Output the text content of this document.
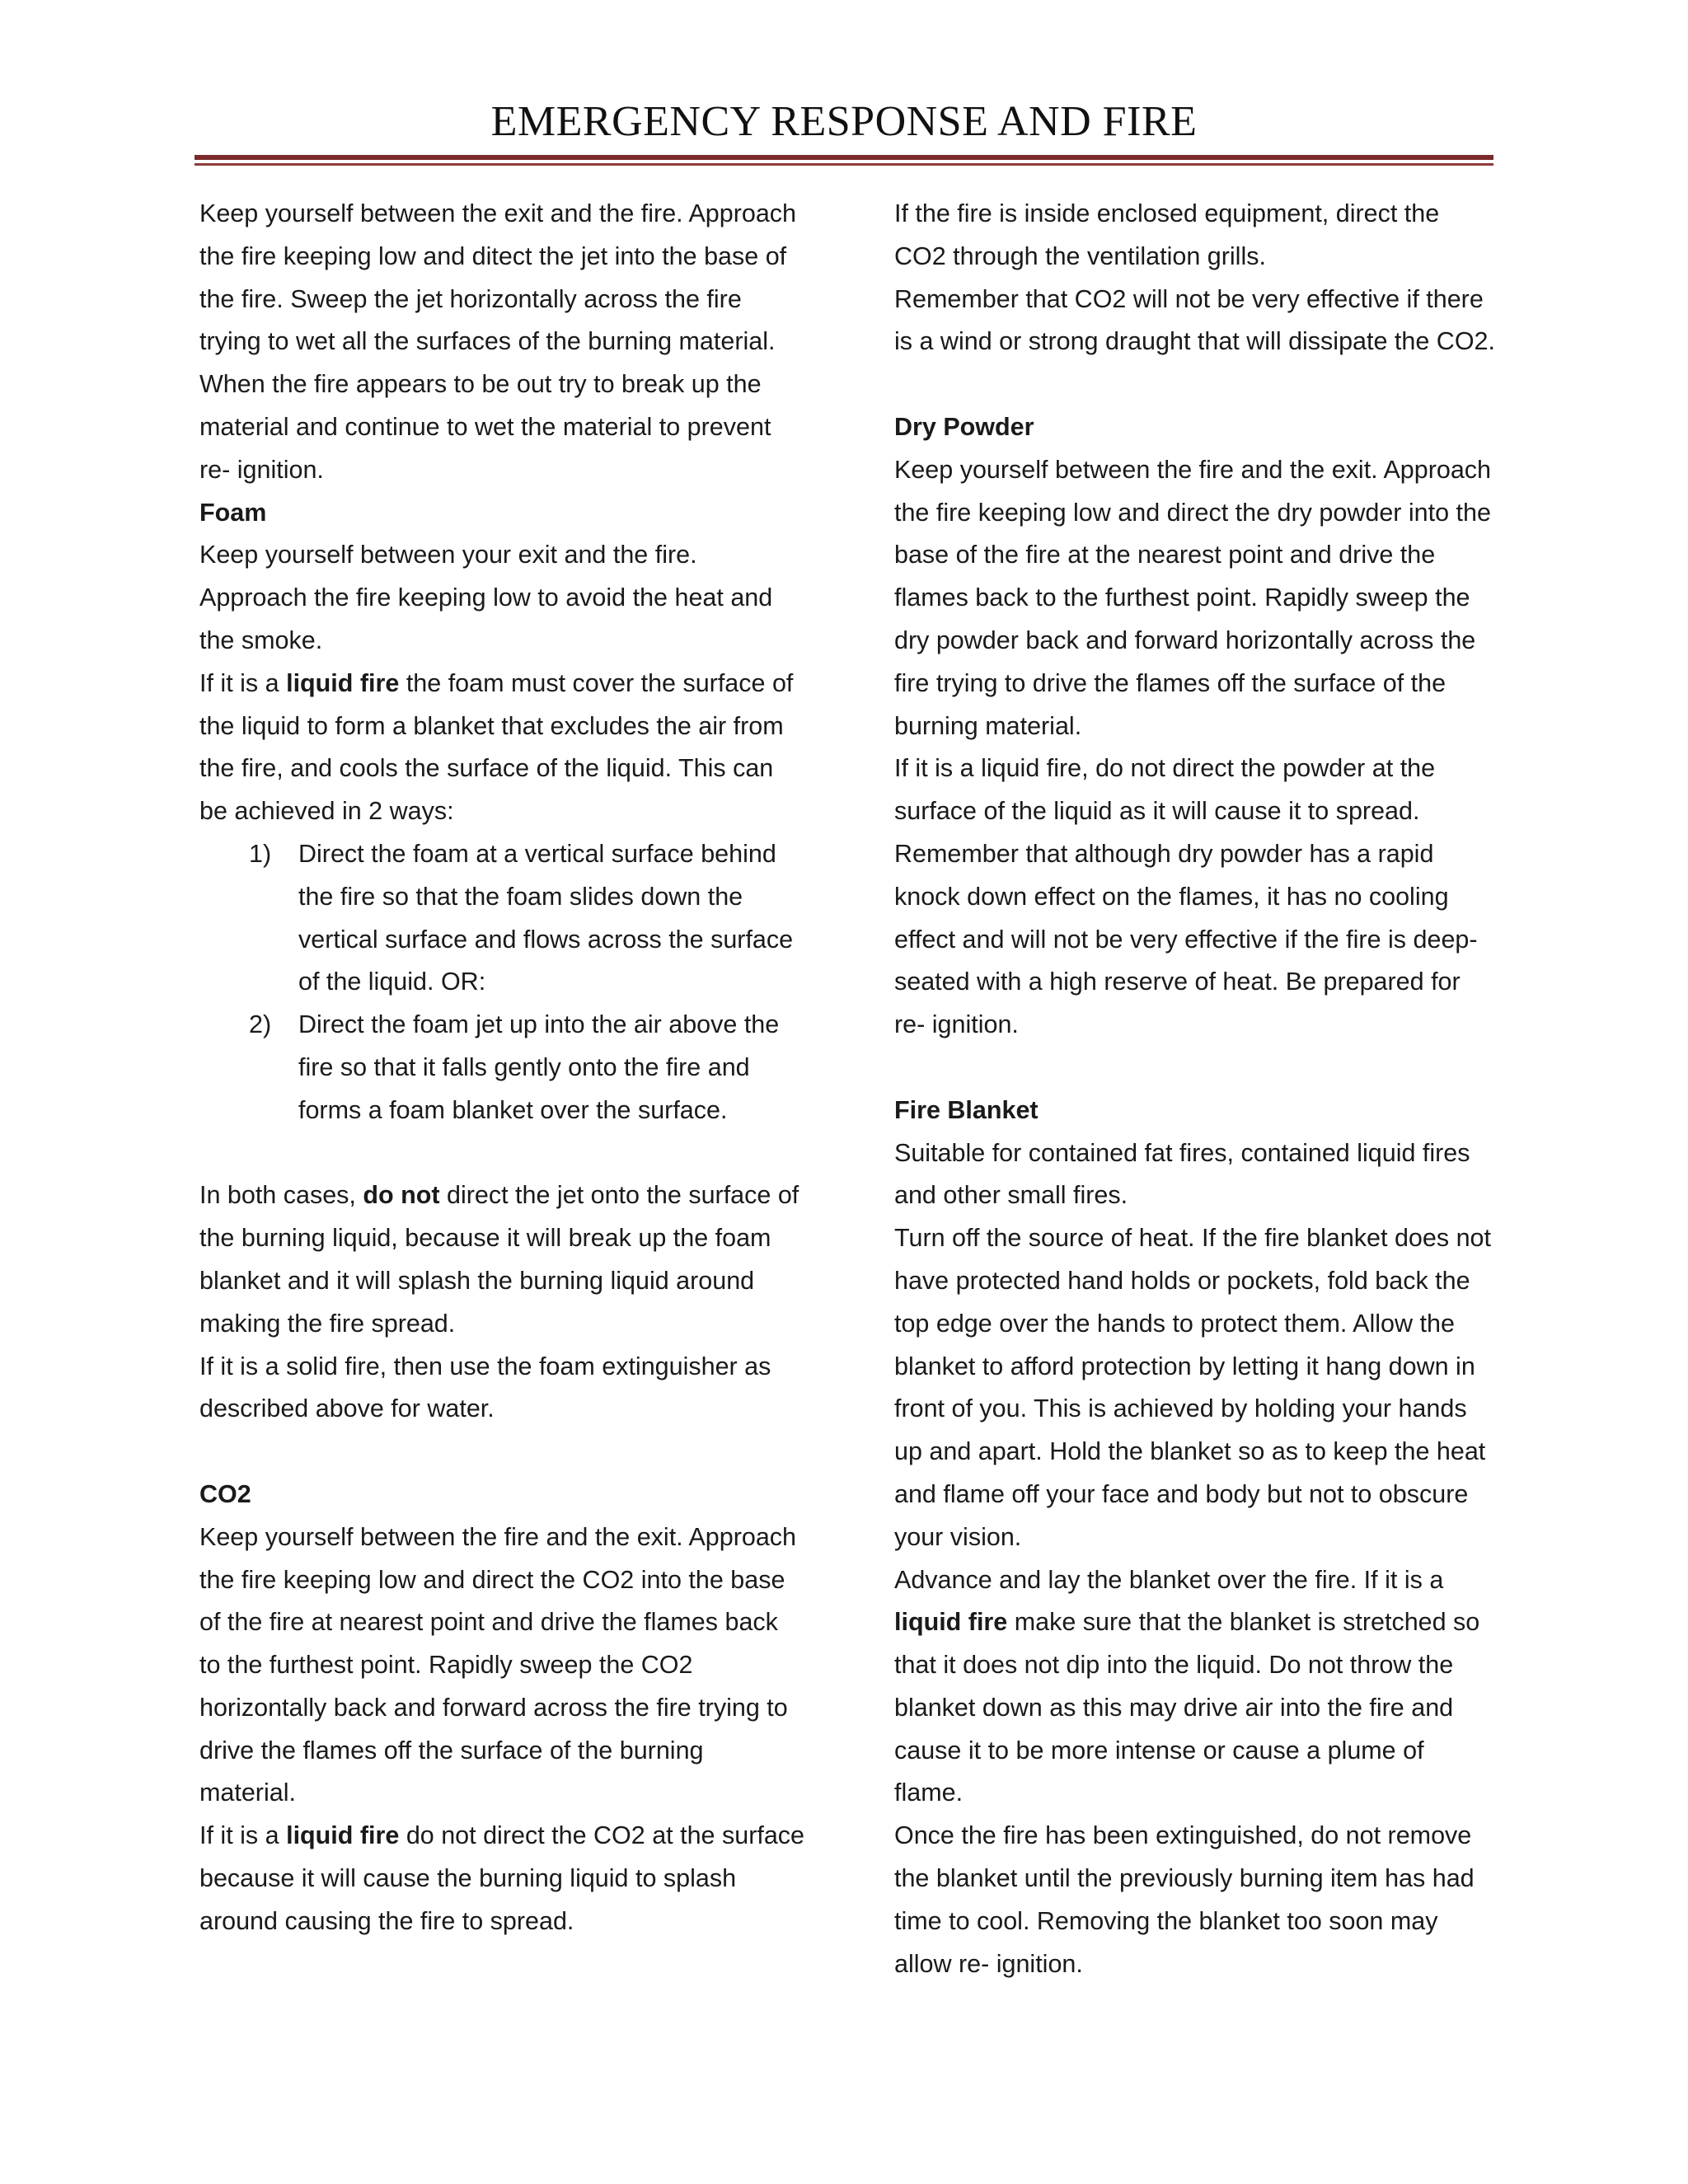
EMERGENCY RESPONSE AND FIRE

Keep yourself between the exit and the fire. Approach the fire keeping low and ditect the jet into the base of the fire. Sweep the jet horizontally across the fire trying to wet all the surfaces of the burning material. When the fire appears to be out try to break up the material and continue to wet the material to prevent re- ignition.

Foam

Keep yourself between your exit and the fire. Approach the fire keeping low to avoid the heat and the smoke.

If it is a liquid fire the foam must cover the surface of the liquid to form a blanket that excludes the air from the fire, and cools the surface of the liquid. This can be achieved in 2 ways:

1) Direct the foam at a vertical surface behind the fire so that the foam slides down the vertical surface and flows across the surface of the liquid. OR:
2) Direct the foam jet up into the air above the fire so that it falls gently onto the fire and forms a foam blanket over the surface.

In both cases, do not direct the jet onto the surface of the burning liquid, because it will break up the foam blanket and it will splash the burning liquid around making the fire spread.

If it is a solid fire, then use the foam extinguisher as described above for water.

CO2

Keep yourself between the fire and the exit. Approach the fire keeping low and direct the CO2 into the base of the fire at nearest point and drive the flames back to the furthest point. Rapidly sweep the CO2 horizontally back and forward across the fire trying to drive the flames off the surface of the burning material.

If it is a liquid fire do not direct the CO2 at the surface because it will cause the burning liquid to splash around causing the fire to spread.

If the fire is inside enclosed equipment, direct the CO2 through the ventilation grills.

Remember that CO2 will not be very effective if there is a wind or strong draught that will dissipate the CO2.

Dry Powder

Keep yourself between the fire and the exit. Approach the fire keeping low and direct the dry powder into the base of the fire at the nearest point and drive the flames back to the furthest point. Rapidly sweep the dry powder back and forward horizontally across the fire trying to drive the flames off the surface of the burning material.

If it is a liquid fire, do not direct the powder at the surface of the liquid as it will cause it to spread.

Remember that although dry powder has a rapid knock down effect on the flames, it has no cooling effect and will not be very effective if the fire is deep-seated with a high reserve of heat. Be prepared for re- ignition.

Fire Blanket

Suitable for contained fat fires, contained liquid fires and other small fires.

Turn off the source of heat. If the fire blanket does not have protected hand holds or pockets, fold back the top edge over the hands to protect them. Allow the blanket to afford protection by letting it hang down in front of you. This is achieved by holding your hands up and apart. Hold the blanket so as to keep the heat and flame off your face and body but not to obscure your vision.

Advance and lay the blanket over the fire. If it is a liquid fire make sure that the blanket is stretched so that it does not dip into the liquid. Do not throw the blanket down as this may drive air into the fire and cause it to be more intense or cause a plume of flame.

Once the fire has been extinguished, do not remove the blanket until the previously burning item has had time to cool. Removing the blanket too soon may allow re- ignition.
